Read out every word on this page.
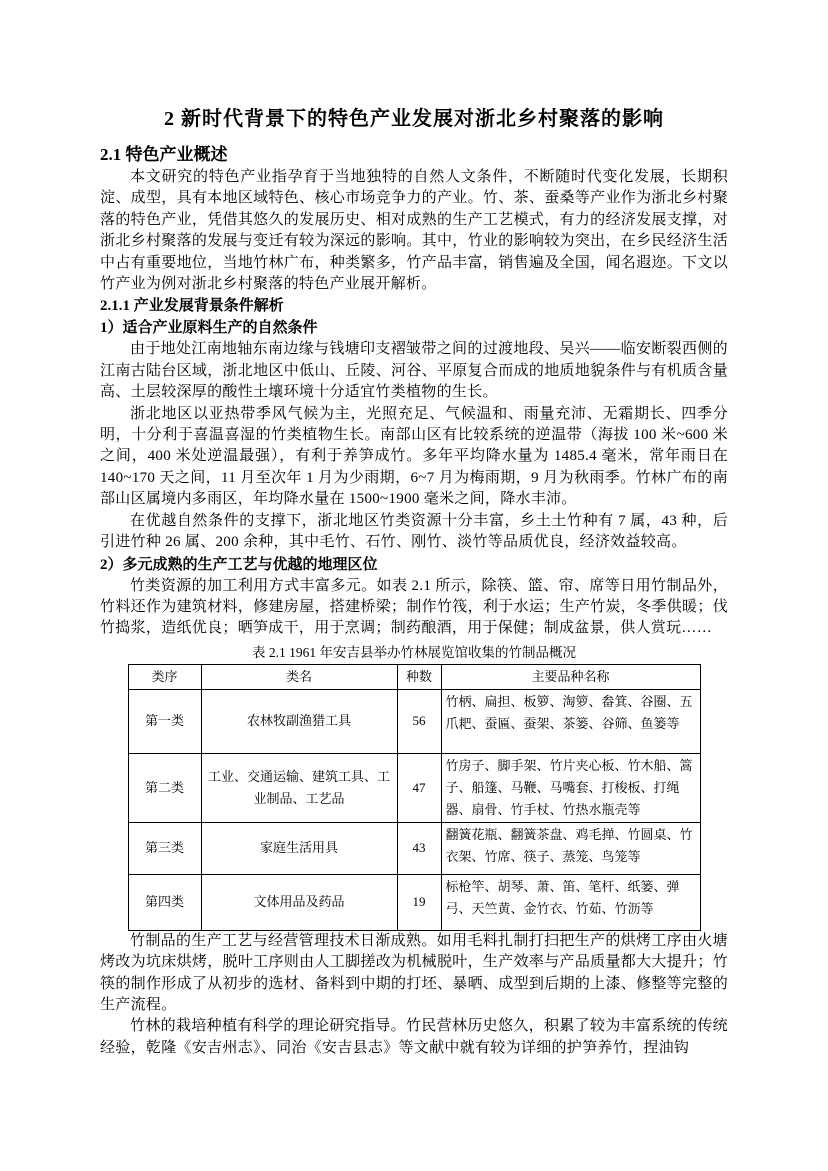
2 新时代背景下的特色产业发展对浙北乡村聚落的影响
2.1 特色产业概述

本文研究的特色产业指孕育于当地独特的自然人文条件，不断随时代变化发展，长期积淀、成型，具有本地区域特色、核心市场竞争力的产业。竹、茶、蚕桑等产业作为浙北乡村聚落的特色产业，凭借其悠久的发展历史、相对成熟的生产工艺模式，有力的经济发展支撑，对浙北乡村聚落的发展与变迁有较为深远的影响。其中，竹业的影响较为突出，在乡民经济生活中占有重要地位，当地竹林广布，种类繁多，竹产品丰富，销售遍及全国，闻名遐迩。下文以竹产业为例对浙北乡村聚落的特色产业展开解析。

2.1.1 产业发展背景条件解析
1）适合产业原料生产的自然条件

由于地处江南地轴东南边缘与钱塘印支褶皱带之间的过渡地段、吴兴——临安断裂西侧的江南古陆台区域，浙北地区中低山、丘陵、河谷、平原复合而成的地质地貌条件与有机质含量高、土层较深厚的酸性土壤环境十分适宜竹类植物的生长。

浙北地区以亚热带季风气候为主，光照充足、气候温和、雨量充沛、无霜期长、四季分明，十分利于喜温喜湿的竹类植物生长。南部山区有比较系统的逆温带（海拔 100 米~600 米之间，400 米处逆温最强），有利于养笋成竹。多年平均降水量为 1485.4 毫米，常年雨日在 140~170 天之间，11 月至次年 1 月为少雨期，6~7 月为梅雨期，9 月为秋雨季。竹林广布的南部山区属境内多雨区，年均降水量在 1500~1900 毫米之间，降水丰沛。

在优越自然条件的支撑下，浙北地区竹类资源十分丰富，乡土土竹种有 7 属，43 种，后引进竹种 26 属、200 余种，其中毛竹、石竹、刚竹、淡竹等品质优良，经济效益较高。

2）多元成熟的生产工艺与优越的地理区位

竹类资源的加工利用方式丰富多元。如表 2.1 所示，除筷、篮、帘、席等日用竹制品外，竹料还作为建筑材料，修建房屋，搭建桥梁；制作竹筏，利于水运；生产竹炭，冬季供暖；伐竹捣浆，造纸优良；晒笋成干，用于烹调；制药酿酒，用于保健；制成盆景，供人赏玩……

表 2.1 1961 年安吉县举办竹林展览馆收集的竹制品概况
类序	类名	种数	主要品种名称
第一类	农林牧副渔猎工具	56	竹柄、扁担、板箩、淘箩、畚箕、谷圈、五爪耙、蚕匾、蚕架、茶篓、谷筛、鱼篓等
第二类	工业、交通运输、建筑工具、工业制品、工艺品	47	竹房子、脚手架、竹片夹心板、竹木船、篙子、船篷、马鞭、马嘴套、打梭板、打绳器、扇骨、竹手杖、竹热水瓶壳等
第三类	家庭生活用具	43	翻簧花瓶、翻簧茶盘、鸡毛掸、竹圆桌、竹衣架、竹席、筷子、蒸笼、鸟笼等
第四类	文体用品及药品	19	标枪竿、胡琴、萧、笛、笔杆、纸篓、弹弓、天竺黄、金竹衣、竹茹、竹沥等

竹制品的生产工艺与经营管理技术日渐成熟。如用毛料扎制打扫把生产的烘烤工序由火塘烤改为坑床烘烤，脱叶工序则由人工脚搓改为机械脱叶，生产效率与产品质量都大大提升；竹筷的制作形成了从初步的选材、备料到中期的打坯、暴晒、成型到后期的上漆、修整等完整的生产流程。

竹林的栽培种植有科学的理论研究指导。竹民营林历史悠久，积累了较为丰富系统的传统经验，乾隆《安吉州志》、同治《安吉县志》等文献中就有较为详细的护笋养竹，捏油钩
